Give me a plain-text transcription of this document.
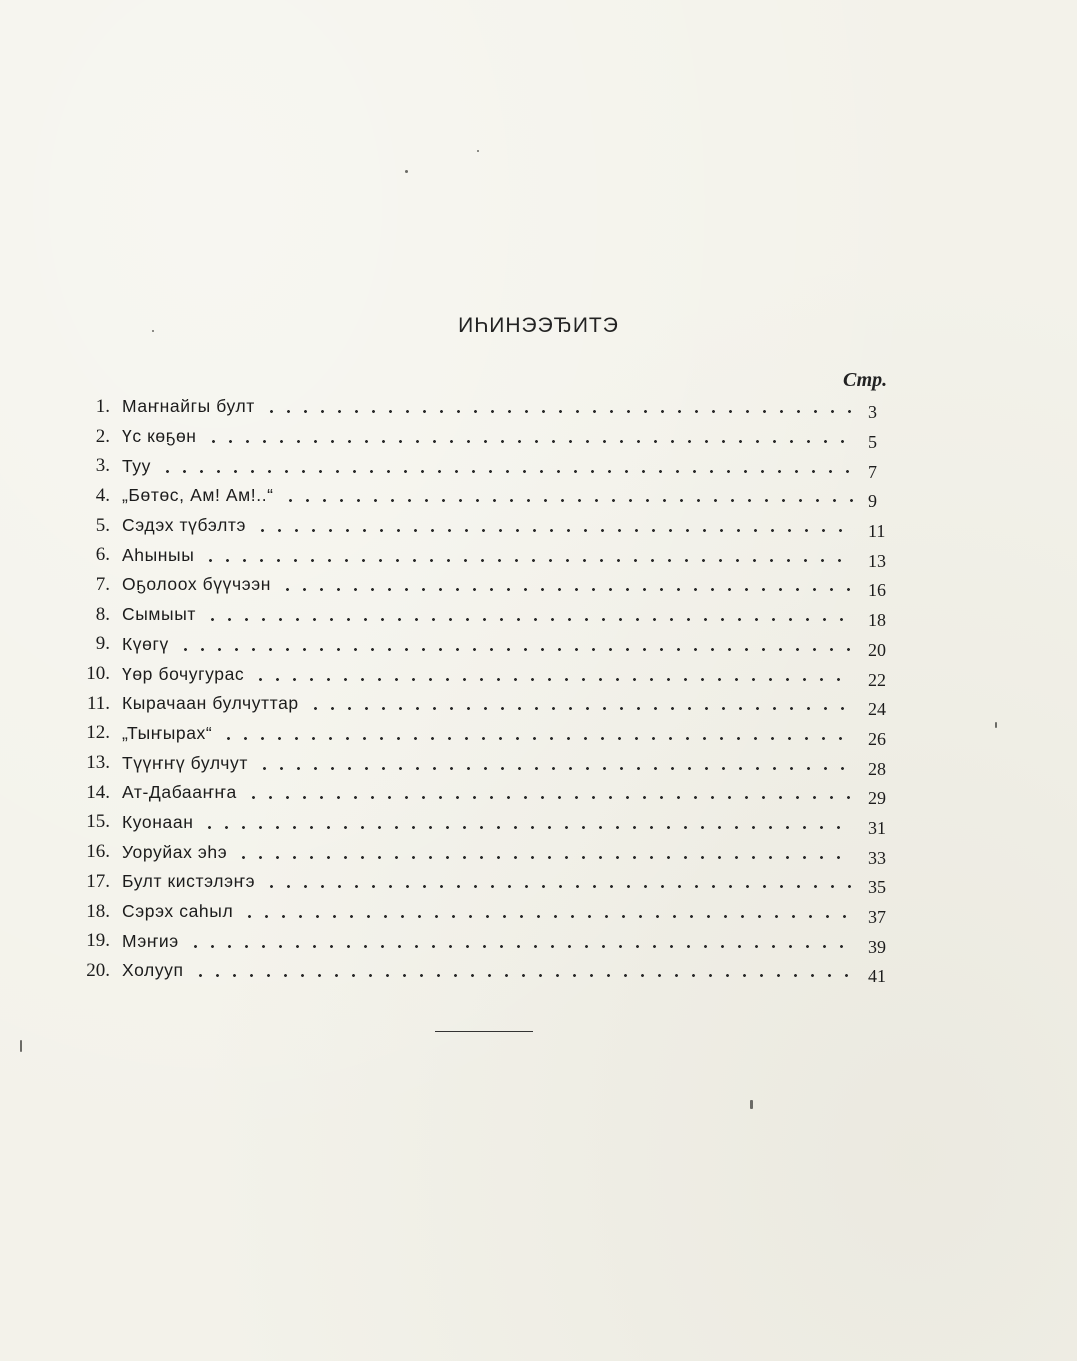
ИҺИНЭЭЂИТЭ
Стр.
1. Маҥнайгы булт	3
2. Үс көҕөн	5
3. Туу	7
4. „Бөтөс, Ам! Ам!..“	9
5. Сэдэх түбэлтэ	11
6. Аһыныы	13
7. Оҕолоох бүүчээн	16
8. Сымыыт	18
9. Күөгү	20
10. Үөр бочугурас	22
11. Кырачаан булчуттар	24
12. „Тыҥырах“	26
13. Түүҥҥү булчут	28
14. Ат-Дабааҥҥа	29
15. Куонаан	31
16. Уоруйах эһэ	33
17. Булт кистэлэҥэ	35
18. Сэрэх саһыл	37
19. Мэҥиэ	39
20. Холууп	41
